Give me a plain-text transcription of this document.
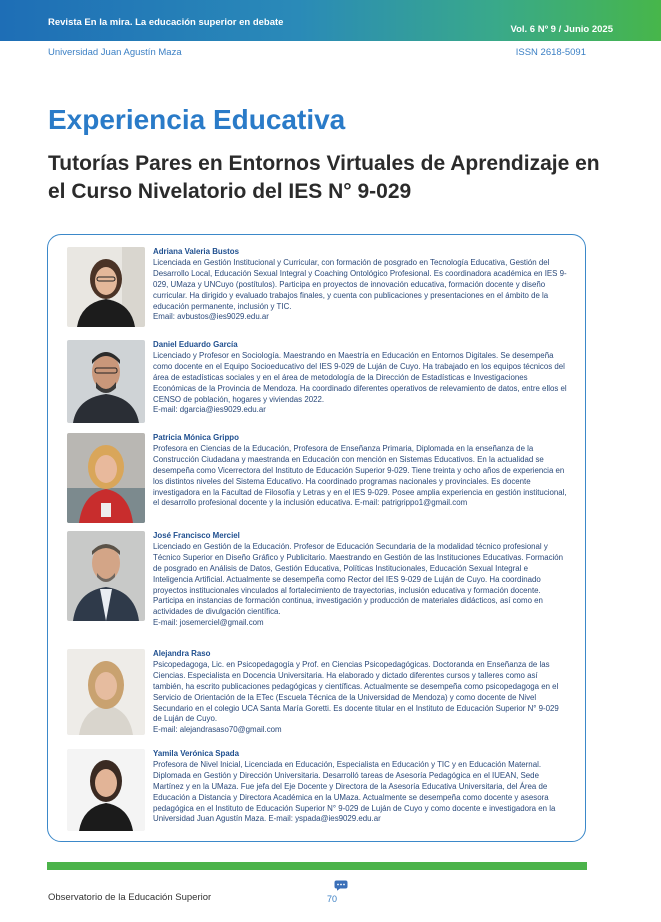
Revista En la mira. La educación superior en debate
Vol. 6 Nº 9 / Junio 2025
Universidad Juan Agustín Maza	ISSN 2618-5091
Experiencia Educativa
Tutorías Pares en Entornos Virtuales de Aprendizaje en el Curso Nivelatorio del IES N° 9-029

Adriana Valeria Bustos

Licenciada en Gestión Institucional y Curricular, con formación de posgrado en Tecnología Educativa, Gestión del Desarrollo Local, Educación Sexual Integral y Coaching Ontológico Profesional. Es coordinadora académica en IES 9-029, UMaza y UNCuyo (postítulos). Participa en proyectos de innovación educativa, formación docente y diseño curricular. Ha dirigido y evaluado trabajos finales, y cuenta con publicaciones y presentaciones en el ámbito de la educación permanente, inclusión y TIC.

Email: avbustos@ies9029.edu.ar

Daniel Eduardo García

Licenciado y Profesor en Sociología. Maestrando en Maestría en Educación en Entornos Digitales. Se desempeña como docente en el Equipo Socioeducativo del IES 9-029 de Luján de Cuyo. Ha trabajado en los equipos técnicos del área de estadísticas sociales y en el área de metodología de la Dirección de Estadísticas e Investigaciones Económicas de la Provincia de Mendoza. Ha coordinado diferentes operativos de relevamiento de datos, entre ellos el CENSO de población, hogares y viviendas 2022.

E-mail: dgarcia@ies9029.edu.ar

Patricia Mónica Grippo

Profesora en Ciencias de la Educación, Profesora de Enseñanza Primaria, Diplomada en la enseñanza de la Construcción Ciudadana y maestranda en Educación con mención en Sistemas Educativos. En la actualidad se desempeña como Vicerrectora del Instituto de Educación Superior 9-029. Tiene treinta y ocho años de experiencia en los distintos niveles del Sistema Educativo. Ha coordinado programas nacionales y provinciales. Es docente investigadora en la Facultad de Filosofía y Letras y en el IES 9-029. Posee amplia experiencia en gestión institucional, el desarrollo profesional docente y la inclusión educativa. E-mail: patrigrippo1@gmail.com

José Francisco Merciel

Licenciado en Gestión de la Educación. Profesor de Educación Secundaria de la modalidad técnico profesional y Técnico Superior en Diseño Gráfico y Publicitario. Maestrando en Gestión de las Instituciones Educativas. Formación de posgrado en Análisis de Datos, Gestión Educativa, Políticas Institucionales, Educación Sexual Integral e Inteligencia Artificial. Actualmente se desempeña como Rector del IES 9-029 de Luján de Cuyo. Ha coordinado proyectos institucionales vinculados al fortalecimiento de trayectorias, inclusión educativa y formación docente. Participa en instancias de formación continua, investigación y producción de materiales didácticos, así como en actividades de divulgación científica.

E-mail: josemerciel@gmail.com

Alejandra Raso

Psicopedagoga, Lic. en Psicopedagogía y Prof. en Ciencias Psicopedagógicas. Doctoranda en Enseñanza de las Ciencias. Especialista en Docencia Universitaria. Ha elaborado y dictado diferentes cursos y talleres como así también, ha escrito publicaciones pedagógicas y científicas. Actualmente se desempeña como psicopedagoga en el Servicio de Orientación de la ETec (Escuela Técnica de la Universidad de Mendoza) y como docente de Nivel Secundario en el colegio UCA Santa María Goretti. Es docente titular en el Instituto de Educación Superior N° 9-029 de Luján de Cuyo.

E-mail: alejandrasaso70@gmail.com

Yamila Verónica Spada

Profesora de Nivel Inicial, Licenciada en Educación, Especialista en Educación y TIC y en Educación Maternal. Diplomada en Gestión y Dirección Universitaria. Desarrolló tareas de Asesoría Pedagógica en el IUEAN, Sede Martínez y en la UMaza. Fue jefa del Eje Docente y Directora de la Asesoría Educativa Universitaria, del Área de Educación a Distancia y Directora Académica en la UMaza. Actualmente se desempeña como docente y asesora pedagógica en el Instituto de Educación Superior N° 9-029 de Luján de Cuyo y como docente e investigadora en la Universidad Juan Agustín Maza. E-mail: yspada@ies9029.edu.ar

Observatorio de la Educación Superior	70
